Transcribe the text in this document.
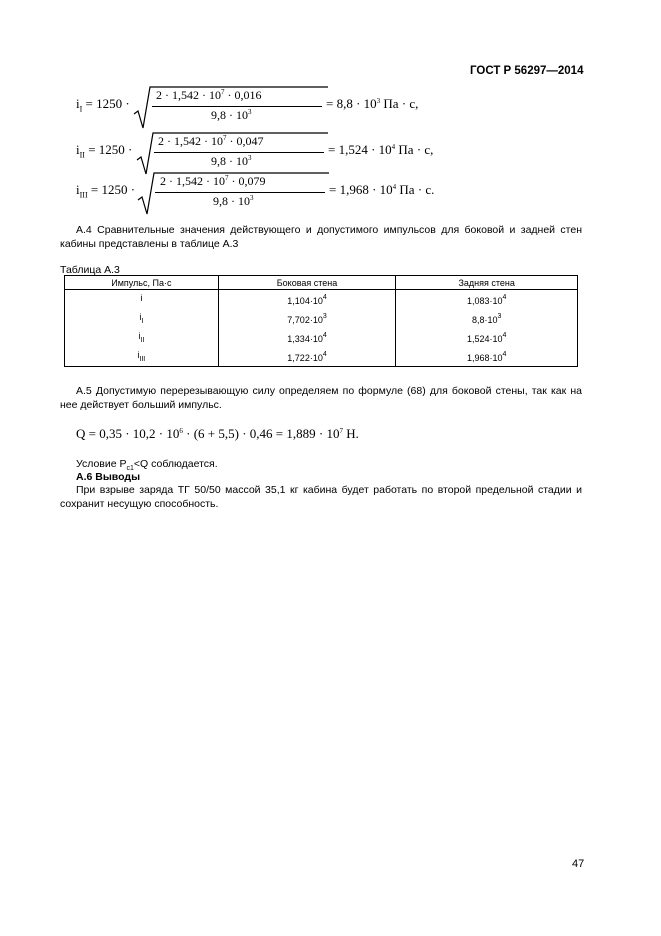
ГОСТ Р 56297—2014
$i_I = 1250$ ·
$2 \cdot 1,542 \cdot 10^7 \cdot 0,016$
$9,8 \cdot 10^3$
= $8,8 \cdot 10^3$ Па · с,
$i_{II} = 1250$ ·
$2 \cdot 1,542 \cdot 10^7 \cdot 0,047$
$9,8 \cdot 10^3$
= $1,524 \cdot 10^4$ Па · с,
$i_{III} = 1250$ ·
$2 \cdot 1,542 \cdot 10^7 \cdot 0,079$
$9,8 \cdot 10^3$
= $1,968 \cdot 10^4$ Па · с.

А.4 Сравнительные значения действующего и допустимого импульсов для боковой и задней стен кабины представлены в таблице А.3

Таблица А.3
Импульс, Па·с	Боковая стена	Задняя стена
i	$1,104\cdot 10^4$	$1,083\cdot 10^4$
$i_I$	$7,702\cdot 10^3$	$8,8\cdot 10^3$
$i_{II}$	$1,334\cdot 10^4$	$1,524\cdot 10^4$
$i_{III}$	$1,722\cdot 10^4$	$1,968\cdot 10^4$

А.5 Допустимую перерезывающую силу определяем по формуле (68) для боковой стены, так как на нее действует больший импульс.

$Q = 0,35 \cdot 10,2 \cdot 10^6 \cdot (6 + 5,5) \cdot 0,46 = 1,889 \cdot 10^7$ Н.
Условие $P_{c1}<Q$ соблюдается.
А.6 Выводы

При взрыве заряда ТГ 50/50 массой 35,1 кг кабина будет работать по второй предельной стадии и сохранит несущую способность.

47
